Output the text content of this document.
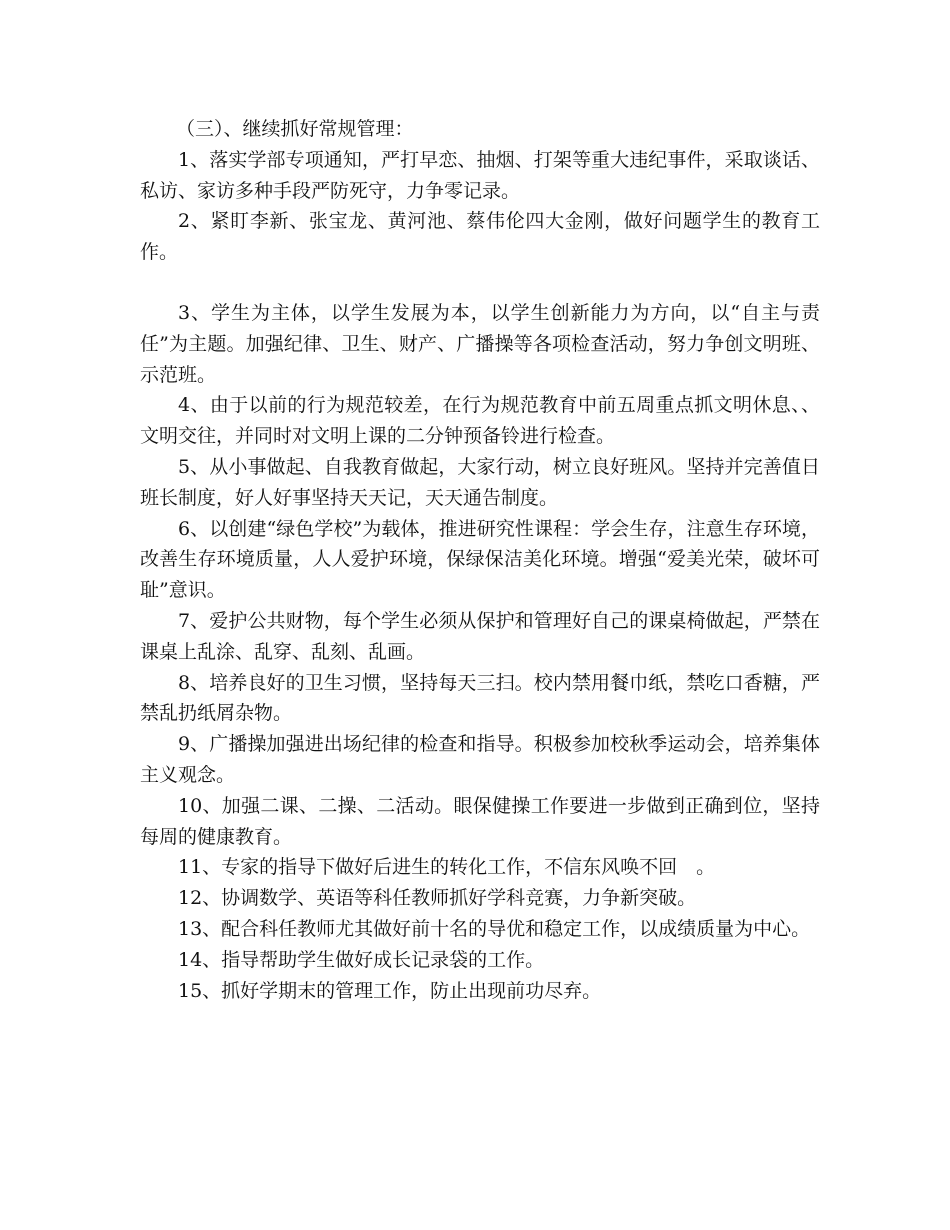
（三）、继续抓好常规管理：

1、落实学部专项通知，严打早恋、抽烟、打架等重大违纪事件，采取谈话、私访、家访多种手段严防死守，力争零记录。

2、紧盯李新、张宝龙、黄河池、蔡伟伦四大金刚，做好问题学生的教育工作。

3、学生为主体，以学生发展为本，以学生创新能力为方向，以“自主与责任”为主题。加强纪律、卫生、财产、广播操等各项检查活动，努力争创文明班、示范班。

4、由于以前的行为规范较差，在行为规范教育中前五周重点抓文明休息、、文明交往，并同时对文明上课的二分钟预备铃进行检查。

5、从小事做起、自我教育做起，大家行动，树立良好班风。坚持并完善值日班长制度，好人好事坚持天天记，天天通告制度。

6、以创建“绿色学校”为载体，推进研究性课程：学会生存，注意生存环境，改善生存环境质量，人人爱护环境，保绿保洁美化环境。增强“爱美光荣，破坏可耻”意识。

7、爱护公共财物，每个学生必须从保护和管理好自己的课桌椅做起，严禁在课桌上乱涂、乱穿、乱刻、乱画。

8、培养良好的卫生习惯，坚持每天三扫。校内禁用餐巾纸，禁吃口香糖，严禁乱扔纸屑杂物。

9、广播操加强进出场纪律的检查和指导。积极参加校秋季运动会，培养集体主义观念。

10、加强二课、二操、二活动。眼保健操工作要进一步做到正确到位，坚持每周的健康教育。

11、专家的指导下做好后进生的转化工作，不信东风唤不回　。

12、协调数学、英语等科任教师抓好学科竞赛，力争新突破。

13、配合科任教师尤其做好前十名的导优和稳定工作，以成绩质量为中心。

14、指导帮助学生做好成长记录袋的工作。

15、抓好学期末的管理工作，防止出现前功尽弃。
